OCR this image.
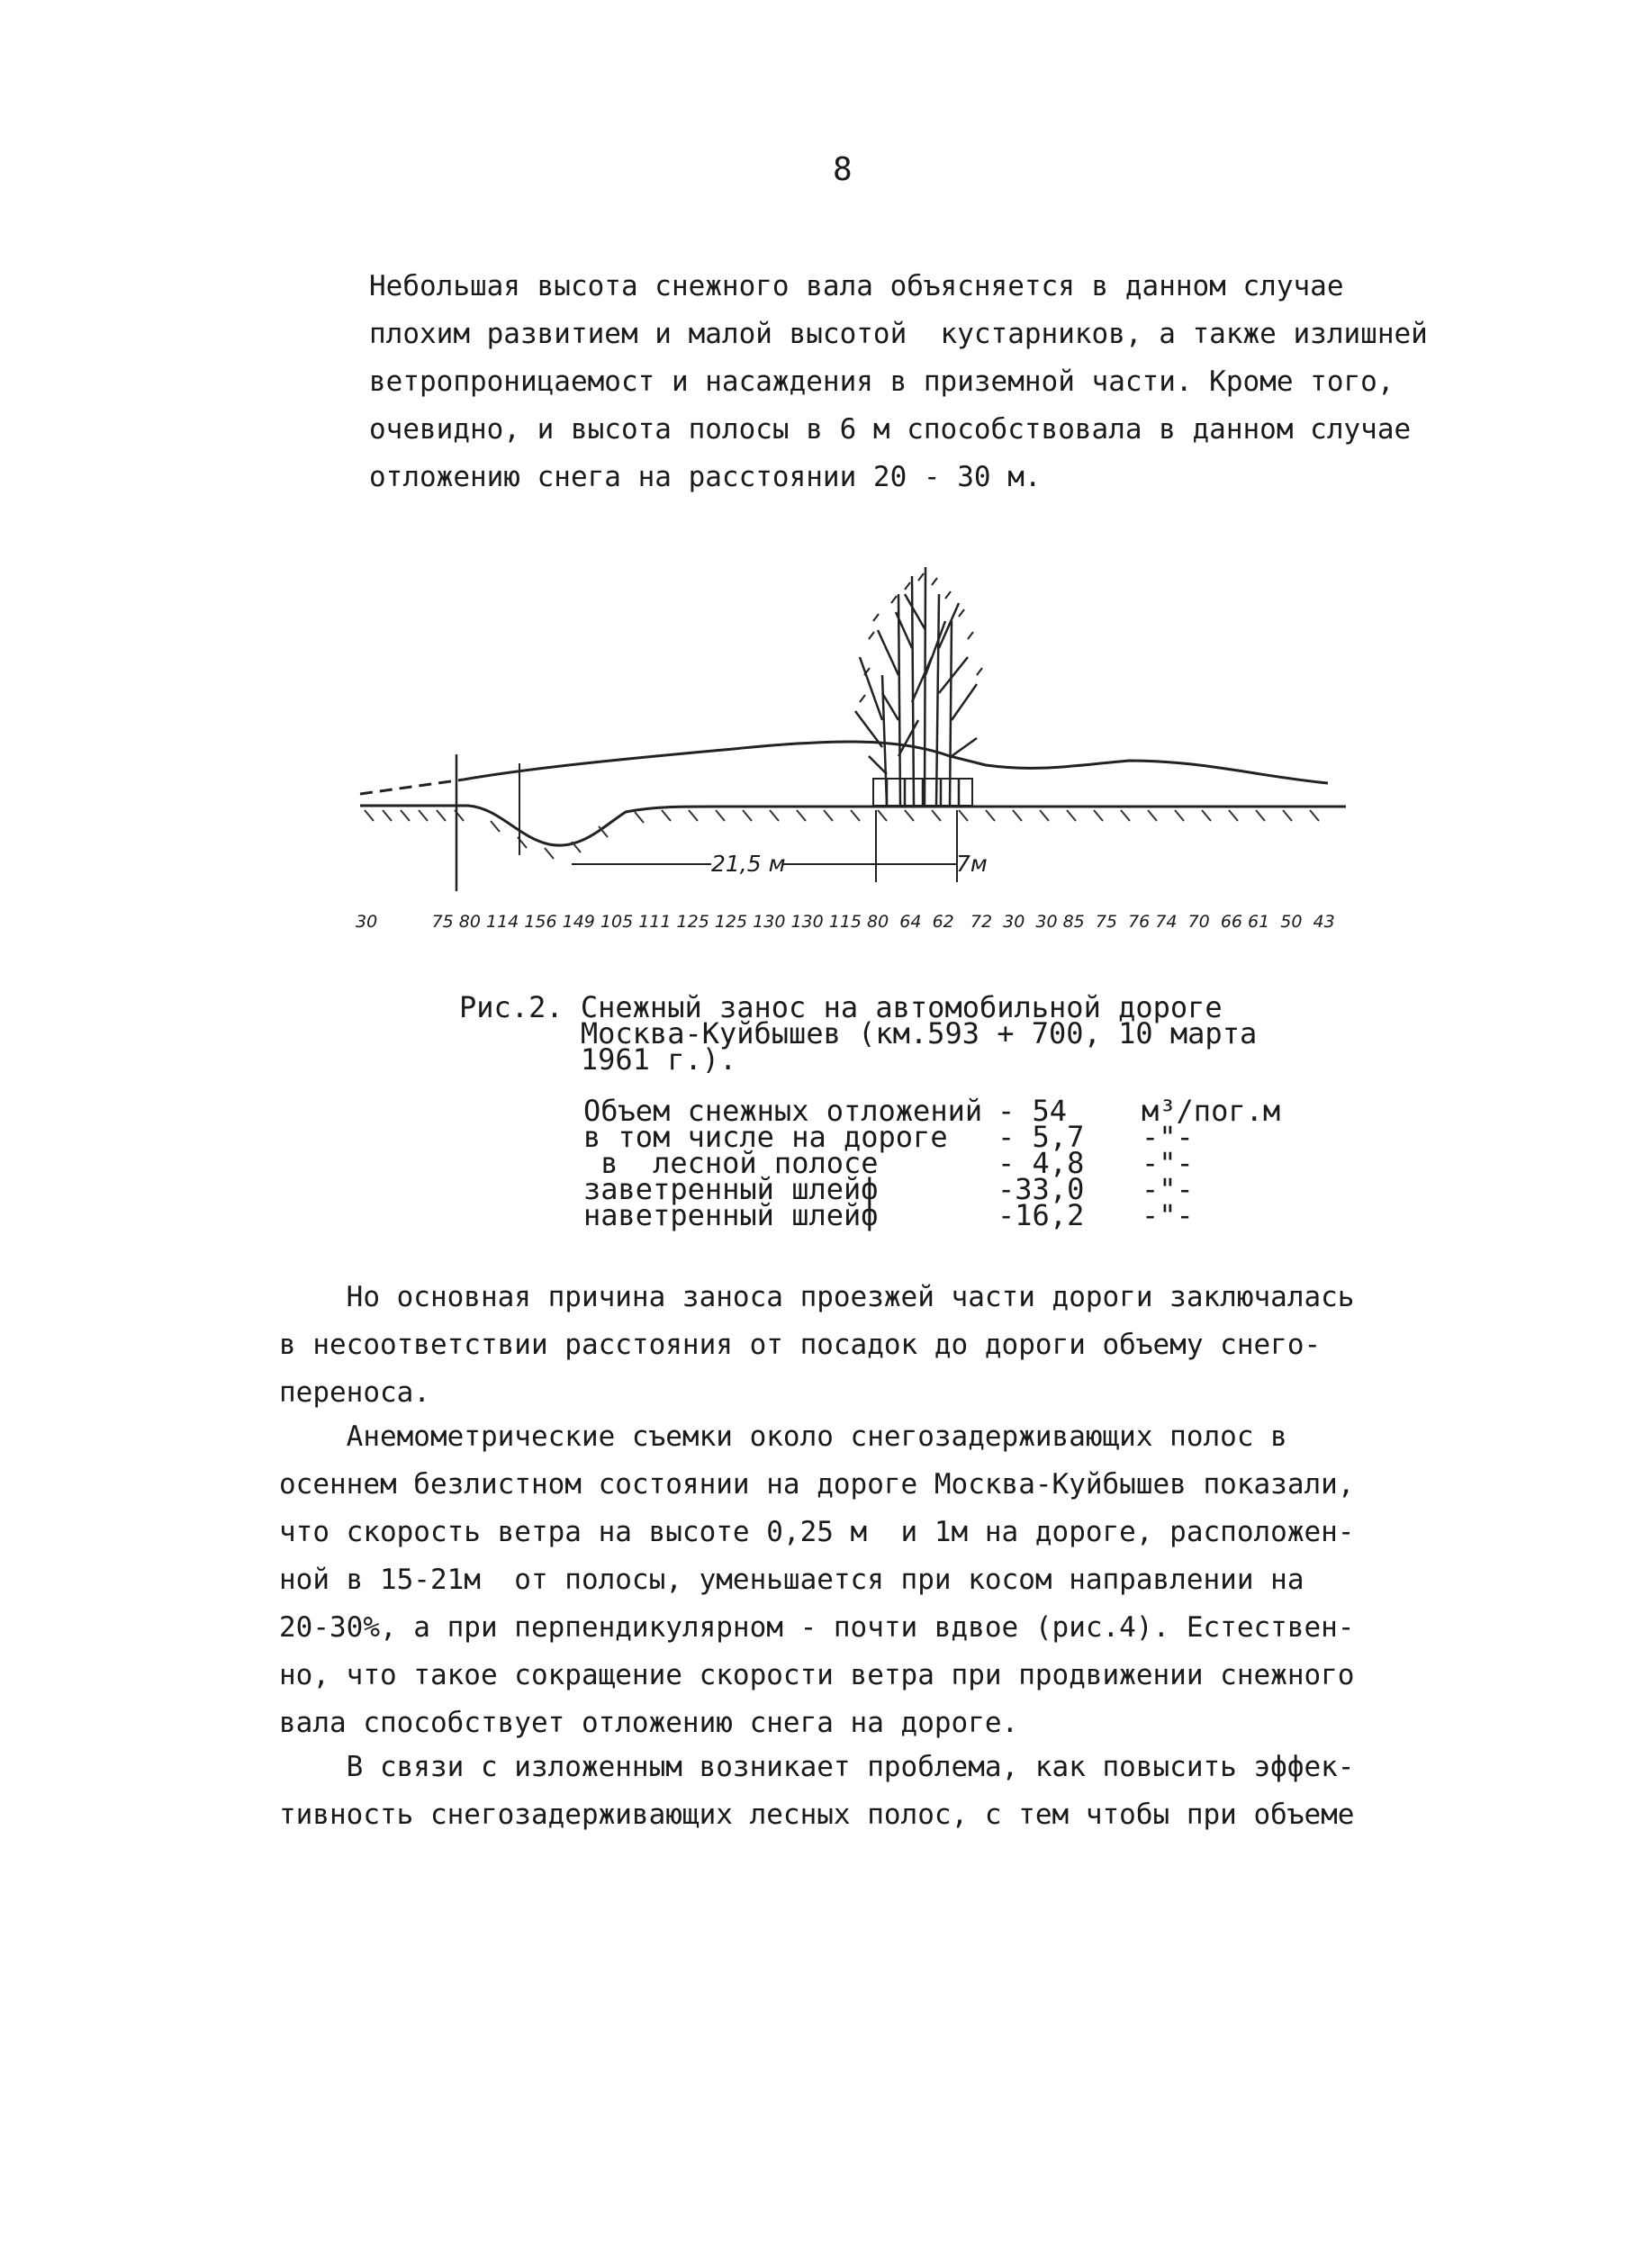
8
Небольшая высота снежного вала объясняется в данном случае
плохим развитием и малой высотой  кустарников, а также излишней
ветропроницаемост и насаждения в приземной части. Кроме того,
очевидно, и высота полосы в 6 м способствовала в данном случае
отложению снега на расстоянии 20 - 30 м.
21,5 м	7м
30          75 80 114 156 149 105 111 125 125 130 130 115 80  64  62   72  30  30 85  75  76 74  70  66 61  50  43
Рис.2. Снежный занос на автомобильной дороге
Москва-Куйбышев (км.593 + 700, 10 марта
1961 г.).
Объем снежных отложений - 54	м³/пог.м
в том числе на дороге	- 5,7	-"-
в  лесной полосе	- 4,8	-"-
заветренный шлейф	-33,0	-"-
наветренный шлейф	-16,2	-"-
Но основная причина заноса проезжей части дороги заключалась
в несоответствии расстояния от посадок до дороги объему снего-
переноса.
Анемометрические съемки около снегозадерживающих полос в
осеннем безлистном состоянии на дороге Москва-Куйбышев показали,
что скорость ветра на высоте 0,25 м  и 1м на дороге, расположен-
ной в 15-21м  от полосы, уменьшается при косом направлении на
20-30%, а при перпендикулярном - почти вдвое (рис.4). Естествен-
но, что такое сокращение скорости ветра при продвижении снежного
вала способствует отложению снега на дороге.
В связи с изложенным возникает проблема, как повысить эффек-
тивность снегозадерживающих лесных полос, с тем чтобы при объеме
